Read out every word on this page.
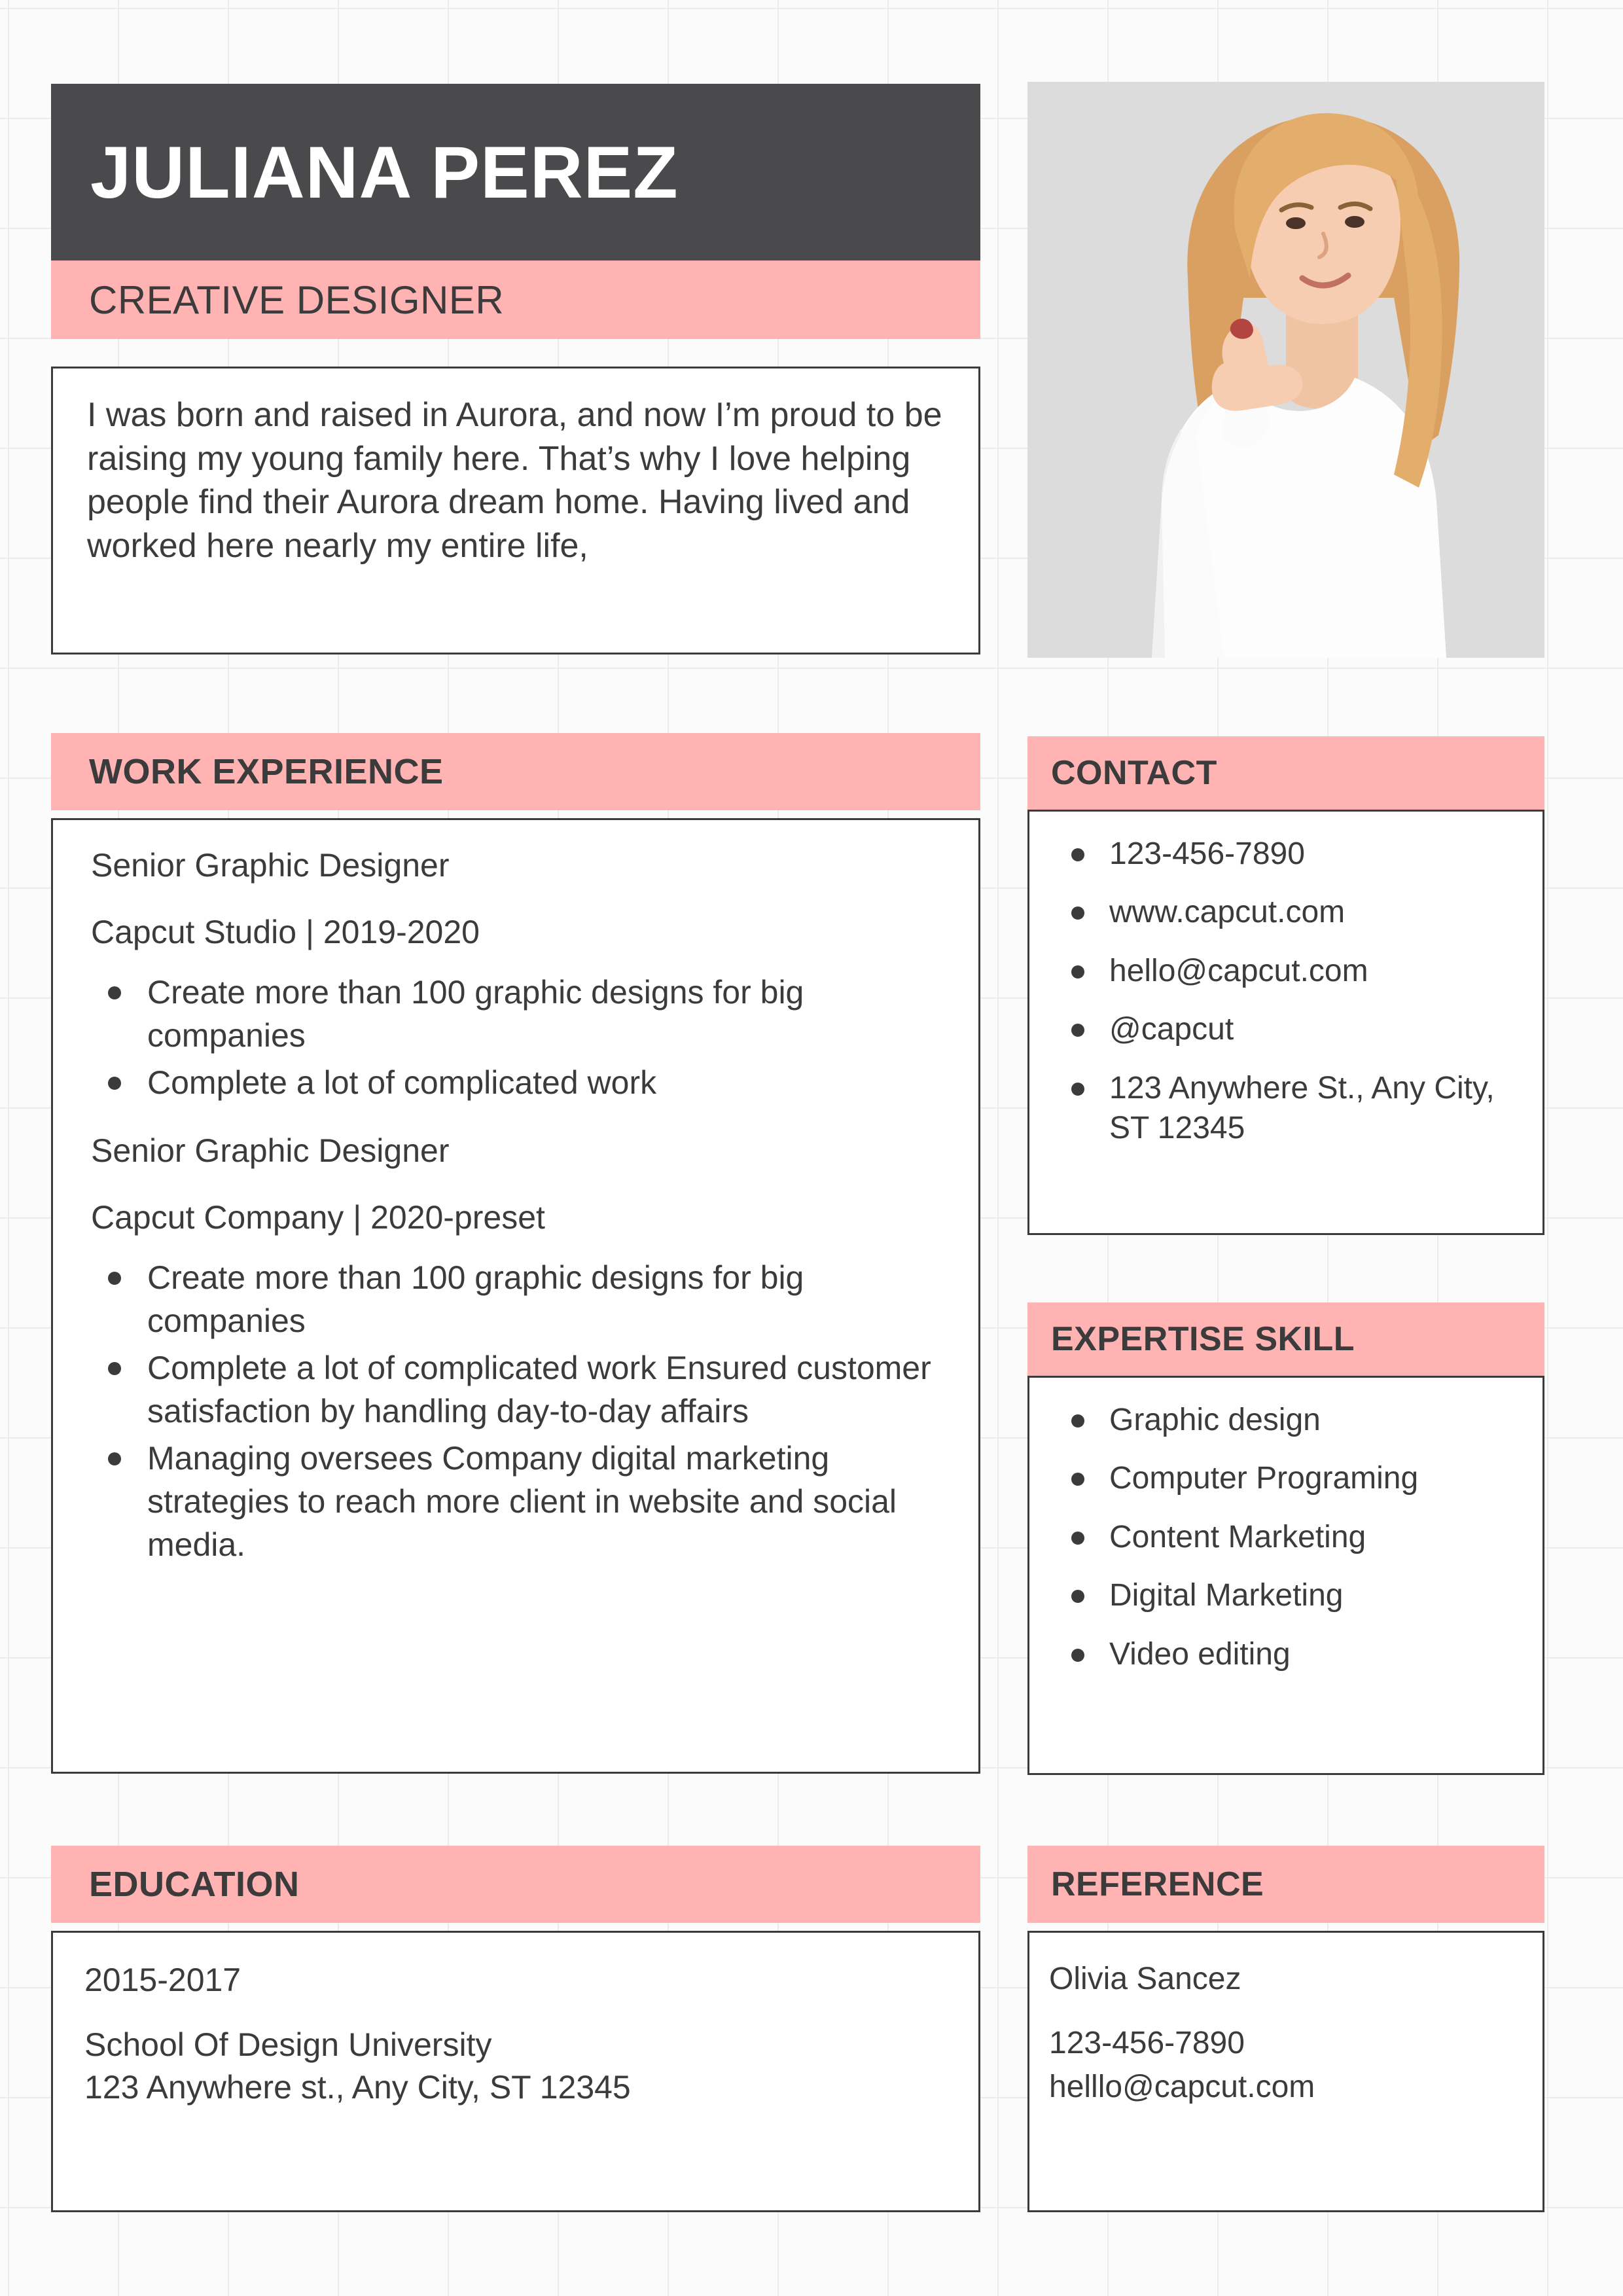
JULIANA PEREZ
CREATIVE DESIGNER

I was born and raised in Aurora, and now I’m proud to be raising my young family here. That’s why I love helping people find their Aurora dream home. Having lived and worked here nearly my entire life,

WORK EXPERIENCE

Senior Graphic Designer

Capcut Studio | 2019-2020

Create more than 100 graphic designs for big companies
Complete a lot of complicated work

Senior Graphic Designer

Capcut Company | 2020-preset

Create more than 100 graphic designs for big companies
Complete a lot of complicated work Ensured customer satisfaction by handling day-to-day affairs
Managing oversees Company digital marketing strategies to reach more client in website and social media.
CONTACT
123-456-7890
www.capcut.com
hello@capcut.com
@capcut
123 Anywhere St., Any City, ST 12345
EXPERTISE SKILL
Graphic design
Computer Programing
Content Marketing
Digital Marketing
Video editing
EDUCATION

2015-2017

School Of Design University

123 Anywhere st., Any City, ST 12345

REFERENCE

Olivia Sancez

123-456-7890

helllo@capcut.com
